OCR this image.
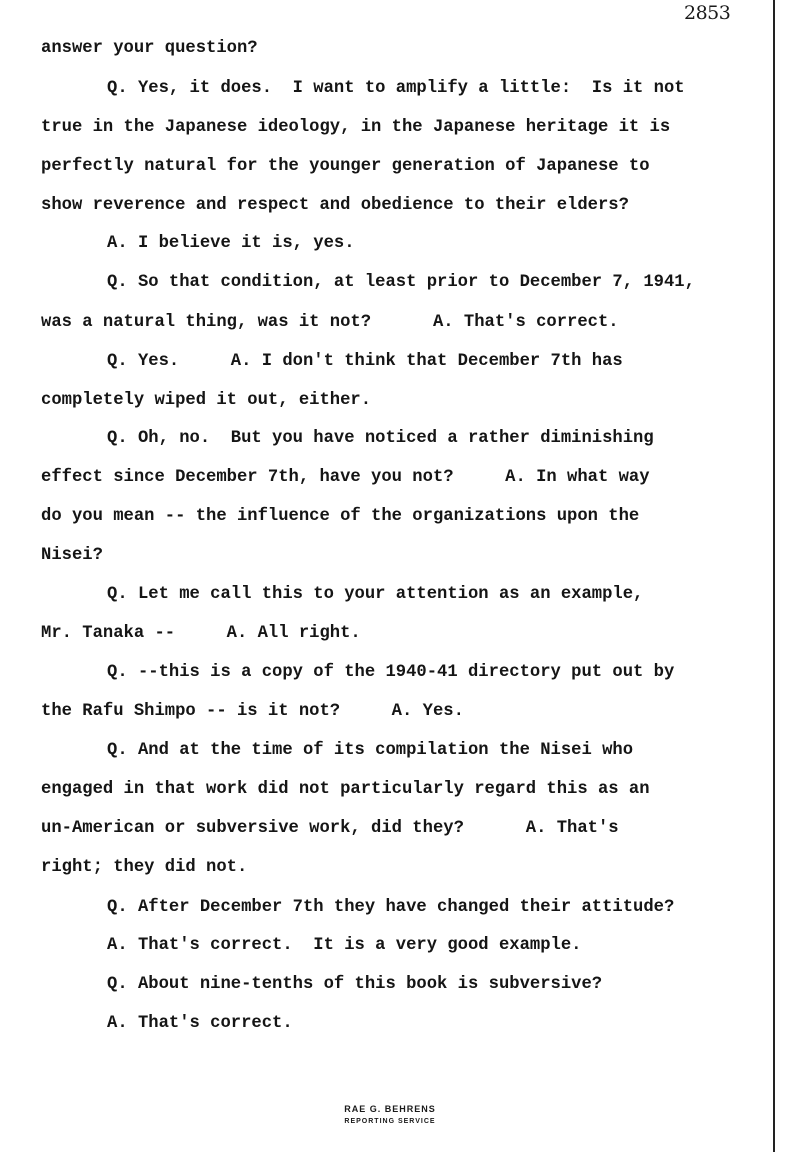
2853
answer your question?
Q. Yes, it does.  I want to amplify a little:  Is it not
true in the Japanese ideology, in the Japanese heritage it is
perfectly natural for the younger generation of Japanese to
show reverence and respect and obedience to their elders?
A. I believe it is, yes.
Q. So that condition, at least prior to December 7, 1941,
was a natural thing, was it not?      A. That's correct.
Q. Yes.     A. I don't think that December 7th has
completely wiped it out, either.
Q. Oh, no.  But you have noticed a rather diminishing
effect since December 7th, have you not?     A. In what way
do you mean -- the influence of the organizations upon the
Nisei?
Q. Let me call this to your attention as an example,
Mr. Tanaka --     A. All right.
Q. --this is a copy of the 1940-41 directory put out by
the Rafu Shimpo -- is it not?     A. Yes.
Q. And at the time of its compilation the Nisei who
engaged in that work did not particularly regard this as an
un-American or subversive work, did they?      A. That's
right; they did not.
Q. After December 7th they have changed their attitude?
A. That's correct.  It is a very good example.
Q. About nine-tenths of this book is subversive?
A. That's correct.
RAE G. BEHRENS
REPORTING SERVICE
